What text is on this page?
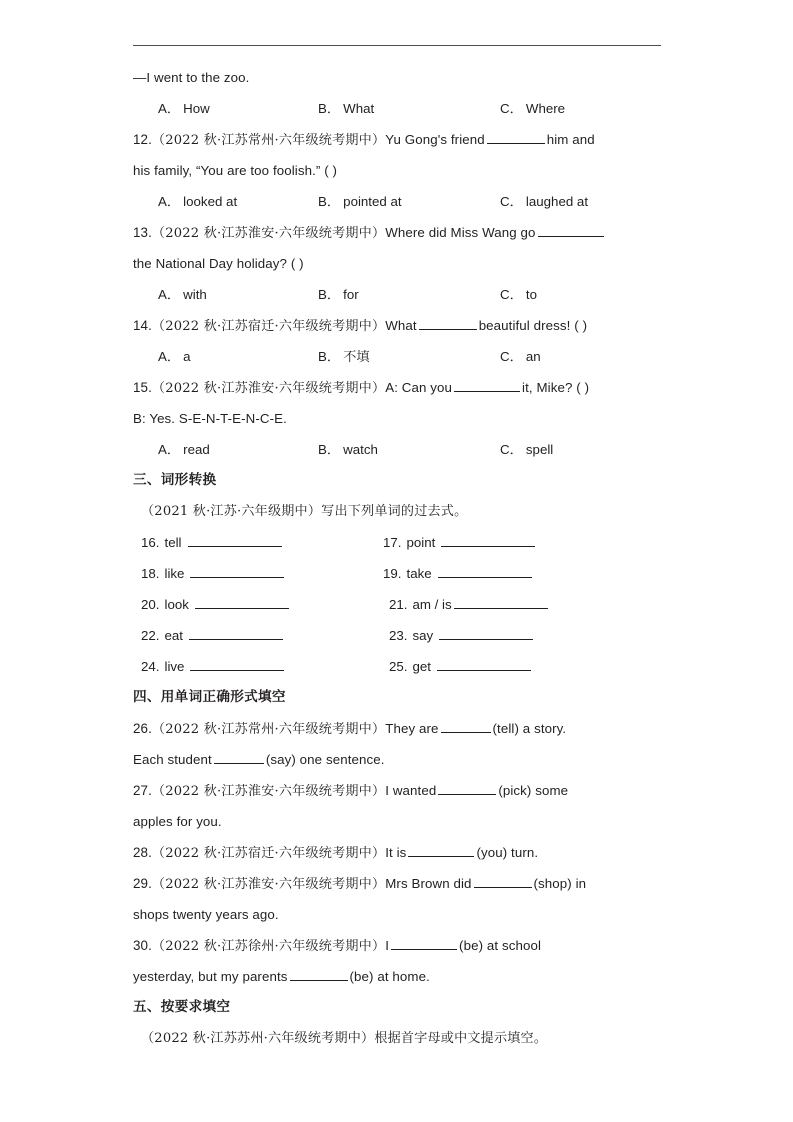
—I went to the zoo.
A． How	B． What	C． Where
12.（2022 秋·江苏常州·六年级统考期中）Yu Gong's friend	him and
his family, “You are too foolish.” ( )
A． looked at	B． pointed at	C． laughed at
13.（2022 秋·江苏淮安·六年级统考期中）Where did Miss Wang go
the National Day holiday? ( )
A． with	B． for	C． to
14.（2022 秋·江苏宿迁·六年级统考期中）What	beautiful dress! ( )
A． a	B． 不填	C． an
15.（2022 秋·江苏淮安·六年级统考期中）A: Can you	it, Mike? ( )
B: Yes. S-E-N-T-E-N-C-E.
A． read	B． watch	C． spell
三、词形转换
（2021 秋·江苏·六年级期中）写出下列单词的过去式。
16. tell	17. point
18. like	19. take
20. look	21. am / is
22. eat	23. say
24. live	25. get
四、用单词正确形式填空
26.（2022 秋·江苏常州·六年级统考期中）They are	(tell) a story.
Each student	(say) one sentence.
27.（2022 秋·江苏淮安·六年级统考期中）I wanted	(pick) some
apples for you.
28.（2022 秋·江苏宿迁·六年级统考期中）It is	(you) turn.
29.（2022 秋·江苏淮安·六年级统考期中）Mrs Brown did	(shop) in
shops twenty years ago.
30.（2022 秋·江苏徐州·六年级统考期中）I	(be) at school
yesterday, but my parents	(be) at home.
五、按要求填空
（2022 秋·江苏苏州·六年级统考期中）根据首字母或中文提示填空。
